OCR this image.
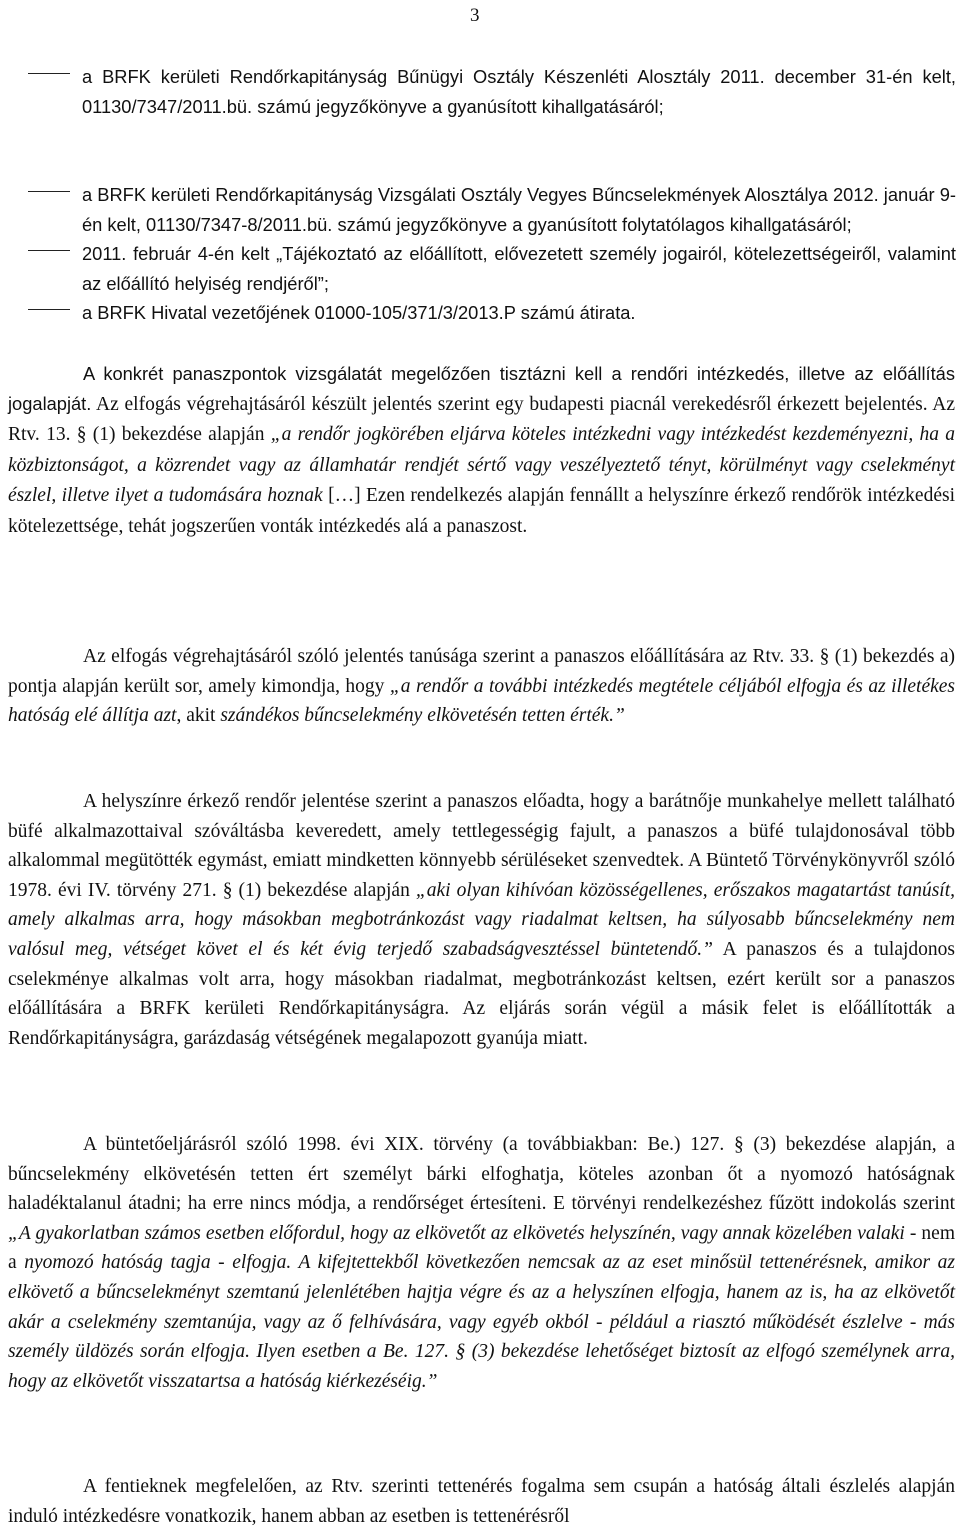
3
a BRFK kerületi Rendőrkapitányság Bűnügyi Osztály Készenléti Alosztály 2011. december 31-én kelt, 01130/7347/2011.bü. számú jegyzőkönyve a gyanúsított kihallgatásáról;
a BRFK kerületi Rendőrkapitányság Vizsgálati Osztály Vegyes Bűncselekmények Alosztálya 2012. január 9-én kelt, 01130/7347-8/2011.bü. számú jegyzőkönyve a gyanúsított folytatólagos kihallgatásáról;
2011. február 4-én kelt „Tájékoztató az előállított, elővezetett személy jogairól, kötelezettségeiről, valamint az előállító helyiség rendjéről”;
a BRFK Hivatal vezetőjének 01000-105/371/3/2013.P számú átirata.

A konkrét panaszpontok vizsgálatát megelőzően tisztázni kell a rendőri intézkedés, illetve az előállítás jogalapját. Az elfogás végrehajtásáról készült jelentés szerint egy budapesti piacnál verekedésről érkezett bejelentés. Az Rtv. 13. § (1) bekezdése alapján „a rendőr jogkörében eljárva köteles intézkedni vagy intézkedést kezdeményezni, ha a közbiztonságot, a közrendet vagy az államhatár rendjét sértő vagy veszélyeztető tényt, körülményt vagy cselekményt észlel, illetve ilyet a tudomására hoznak […] Ezen rendelkezés alapján fennállt a helyszínre érkező rendőrök intézkedési kötelezettsége, tehát jogszerűen vonták intézkedés alá a panaszost.

Az elfogás végrehajtásáról szóló jelentés tanúsága szerint a panaszos előállítására az Rtv. 33. § (1) bekezdés a) pontja alapján került sor, amely kimondja, hogy „a rendőr a további intézkedés megtétele céljából elfogja és az illetékes hatóság elé állítja azt, akit szándékos bűncselekmény elkövetésén tetten érték.”

A helyszínre érkező rendőr jelentése szerint a panaszos előadta, hogy a barátnője munkahelye mellett található büfé alkalmazottaival szóváltásba keveredett, amely tettlegességig fajult, a panaszos a büfé tulajdonosával több alkalommal megütötték egymást, emiatt mindketten könnyebb sérüléseket szenvedtek. A Büntető Törvénykönyvről szóló 1978. évi IV. törvény 271. § (1) bekezdése alapján „aki olyan kihívóan közösségellenes, erőszakos magatartást tanúsít, amely alkalmas arra, hogy másokban megbotránkozást vagy riadalmat keltsen, ha súlyosabb bűncselekmény nem valósul meg, vétséget követ el és két évig terjedő szabadságvesztéssel büntetendő.” A panaszos és a tulajdonos cselekménye alkalmas volt arra, hogy másokban riadalmat, megbotránkozást keltsen, ezért került sor a panaszos előállítására a BRFK kerületi Rendőrkapitányságra. Az eljárás során végül a másik felet is előállították a Rendőrkapitányságra, garázdaság vétségének megalapozott gyanúja miatt.

A büntetőeljárásról szóló 1998. évi XIX. törvény (a továbbiakban: Be.) 127. § (3) bekezdése alapján, a bűncselekmény elkövetésén tetten ért személyt bárki elfoghatja, köteles azonban őt a nyomozó hatóságnak haladéktalanul átadni; ha erre nincs módja, a rendőrséget értesíteni. E törvényi rendelkezéshez fűzött indokolás szerint „A gyakorlatban számos esetben előfordul, hogy az elkövetőt az elkövetés helyszínén, vagy annak közelében valaki - nem a nyomozó hatóság tagja - elfogja. A kifejtettekből következően nemcsak az az eset minősül tettenérésnek, amikor az elkövető a bűncselekményt szemtanú jelenlétében hajtja végre és az a helyszínen elfogja, hanem az is, ha az elkövetőt akár a cselekmény szemtanúja, vagy az ő felhívására, vagy egyéb okból - például a riasztó működését észlelve - más személy üldözés során elfogja. Ilyen esetben a Be. 127. § (3) bekezdése lehetőséget biztosít az elfogó személynek arra, hogy az elkövetőt visszatartsa a hatóság kiérkezéséig.”

A fentieknek megfelelően, az Rtv. szerinti tettenérés fogalma sem csupán a hatóság általi észlelés alapján induló intézkedésre vonatkozik, hanem abban az esetben is tettenérésről
